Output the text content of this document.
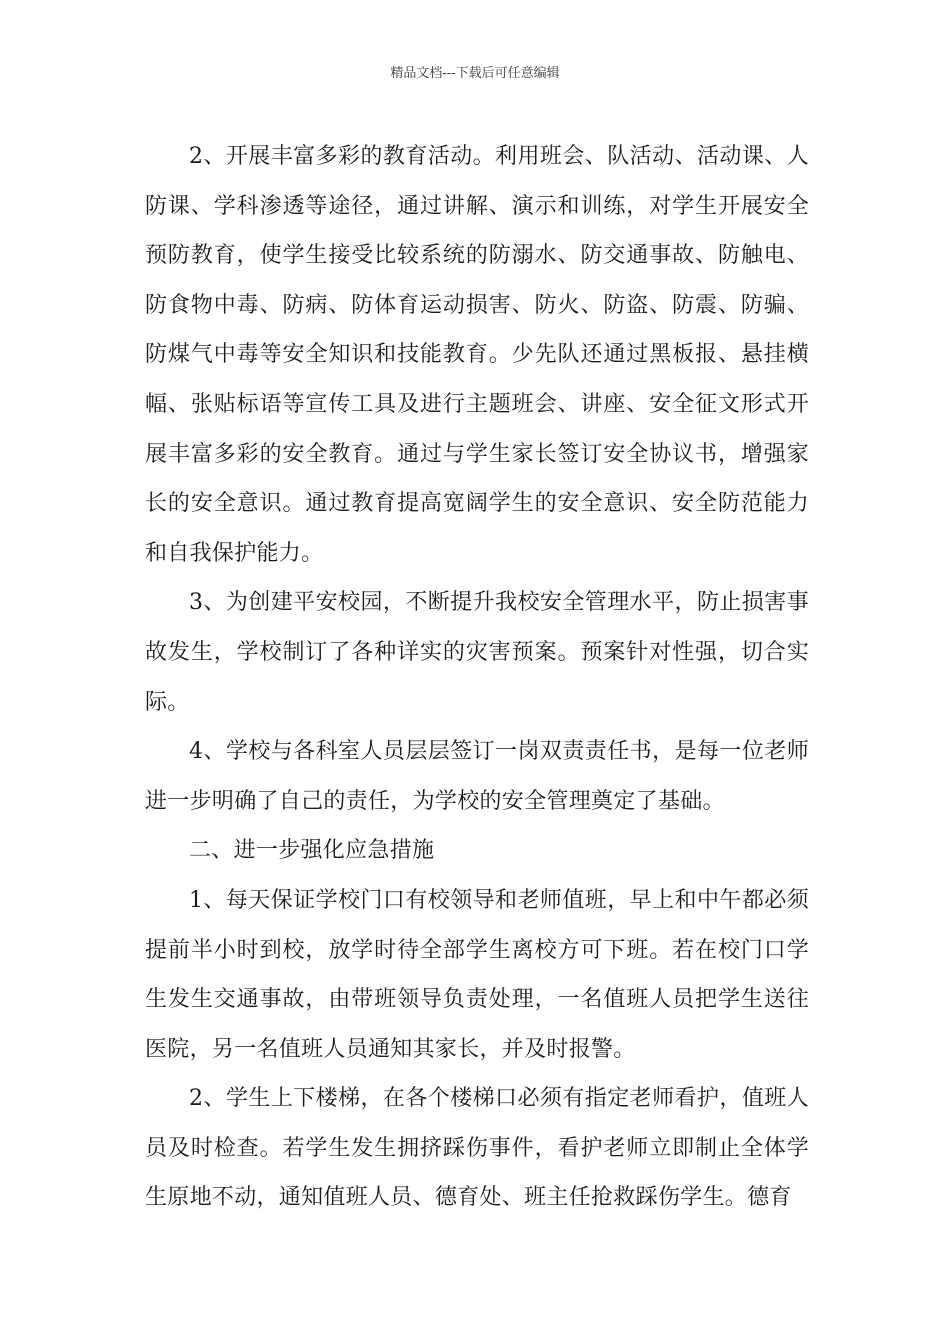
精品文档---下载后可任意编辑

2、开展丰富多彩的教育活动。利用班会、队活动、活动课、人防课、学科渗透等途径，通过讲解、演示和训练，对学生开展安全预防教育，使学生接受比较系统的防溺水、防交通事故、防触电、防食物中毒、防病、防体育运动损害、防火、防盗、防震、防骗、防煤气中毒等安全知识和技能教育。少先队还通过黑板报、悬挂横幅、张贴标语等宣传工具及进行主题班会、讲座、安全征文形式开展丰富多彩的安全教育。通过与学生家长签订安全协议书，增强家长的安全意识。通过教育提高宽阔学生的安全意识、安全防范能力和自我保护能力。

3、为创建平安校园，不断提升我校安全管理水平，防止损害事故发生，学校制订了各种详实的灾害预案。预案针对性强，切合实际。

4、学校与各科室人员层层签订一岗双责责任书，是每一位老师进一步明确了自己的责任，为学校的安全管理奠定了基础。

二、进一步强化应急措施

1、每天保证学校门口有校领导和老师值班，早上和中午都必须提前半小时到校，放学时待全部学生离校方可下班。若在校门口学生发生交通事故，由带班领导负责处理，一名值班人员把学生送往医院，另一名值班人员通知其家长，并及时报警。

2、学生上下楼梯，在各个楼梯口必须有指定老师看护，值班人员及时检查。若学生发生拥挤踩伤事件，看护老师立即制止全体学生原地不动，通知值班人员、德育处、班主任抢救踩伤学生。德育
